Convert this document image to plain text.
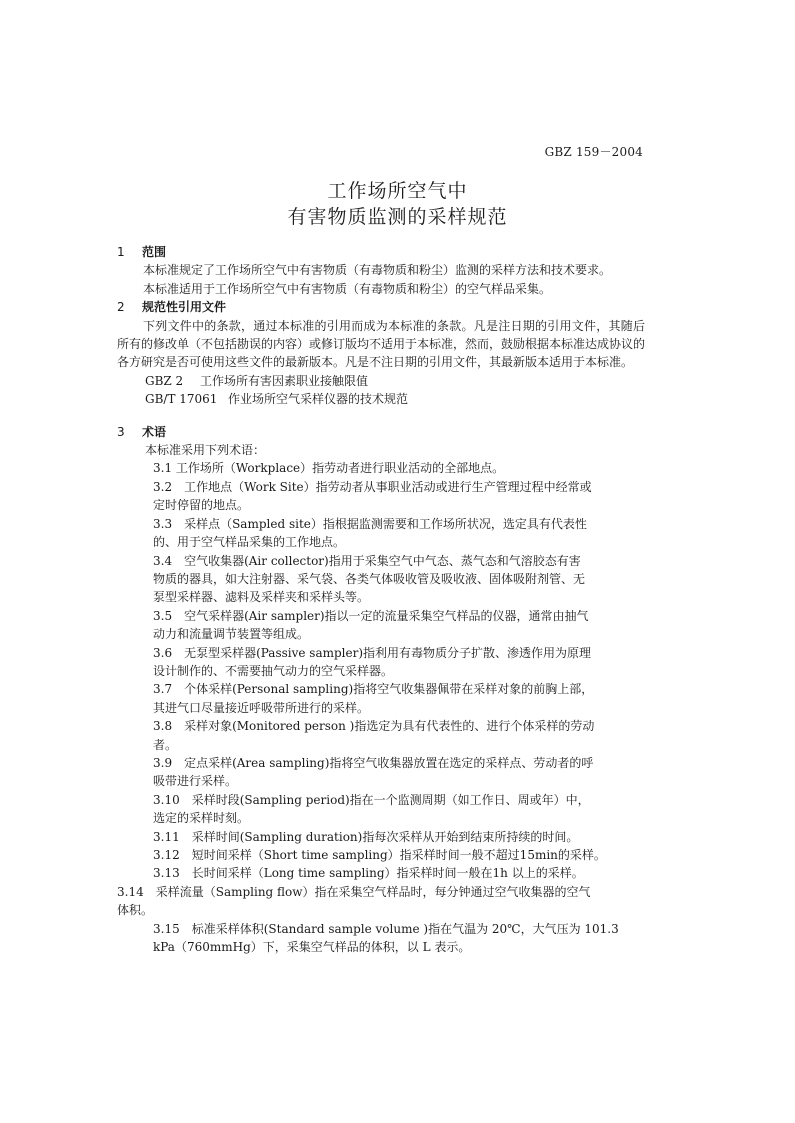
GBZ 159－2004
工作场所空气中
有害物质监测的采样规范
1 范围

本标准规定了工作场所空气中有害物质（有毒物质和粉尘）监测的采样方法和技术要求。

本标准适用于工作场所空气中有害物质（有毒物质和粉尘）的空气样品采集。

2 规范性引用文件

下列文件中的条款，通过本标准的引用而成为本标准的条款。凡是注日期的引用文件，其随后所有的修改单（不包括勘误的内容）或修订版均不适用于本标准，然而，鼓励根据本标准达成协议的各方研究是否可使用这些文件的最新版本。凡是不注日期的引用文件，其最新版本适用于本标准。

GBZ 2 工作场所有害因素职业接触限值
GB/T 17061 作业场所空气采样仪器的技术规范
3 术语
本标准采用下列术语：
3.1 工作场所（Workplace）指劳动者进行职业活动的全部地点。
3.2　工作地点（Work Site）指劳动者从事职业活动或进行生产管理过程中经常或
定时停留的地点。
3.3　采样点（Sampled site）指根据监测需要和工作场所状况，选定具有代表性
的、用于空气样品采集的工作地点。
3.4　空气收集器(Air collector)指用于采集空气中气态、蒸气态和气溶胶态有害
物质的器具，如大注射器、采气袋、各类气体吸收管及吸收液、固体吸附剂管、无
泵型采样器、滤料及采样夹和采样头等。
3.5　空气采样器(Air sampler)指以一定的流量采集空气样品的仪器，通常由抽气
动力和流量调节装置等组成。
3.6　无泵型采样器(Passive sampler)指利用有毒物质分子扩散、渗透作用为原理
设计制作的、不需要抽气动力的空气采样器。
3.7　个体采样(Personal sampling)指将空气收集器佩带在采样对象的前胸上部，
其进气口尽量接近呼吸带所进行的采样。
3.8　采样对象(Monitored person )指选定为具有代表性的、进行个体采样的劳动
者。
3.9　定点采样(Area sampling)指将空气收集器放置在选定的采样点、劳动者的呼
吸带进行采样。
3.10　采样时段(Sampling period)指在一个监测周期（如工作日、周或年）中，
选定的采样时刻。
3.11　采样时间(Sampling duration)指每次采样从开始到结束所持续的时间。
3.12　短时间采样（Short time sampling）指采样时间一般不超过15min的采样。
3.13　长时间采样（Long time sampling）指采样时间一般在1h 以上的采样。
3.14　采样流量（Sampling flow）指在采集空气样品时，每分钟通过空气收集器的空气
体积。
3.15　标准采样体积(Standard sample volume )指在气温为 20℃，大气压为 101.3
kPa（760mmHg）下，采集空气样品的体积，以 L 表示。
